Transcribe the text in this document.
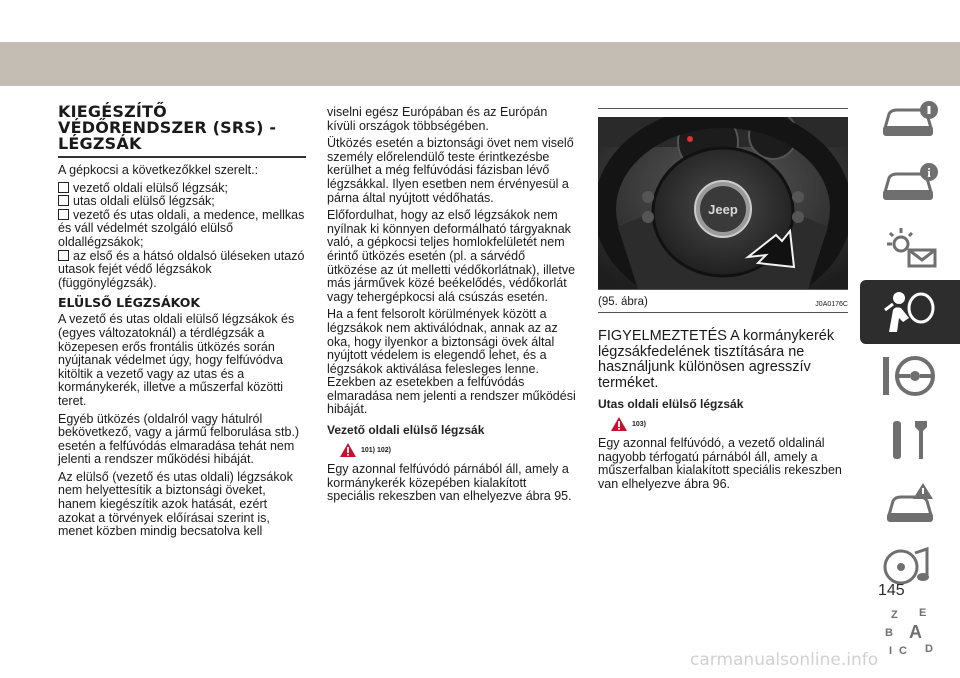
KIEGÉSZÍTŐ VÉDŐRENDSZER (SRS) - LÉGZSÁK

A gépkocsi a következőkkel szerelt.:

vezető oldali elülső légzsák;
utas oldali elülső légzsák;
vezető és utas oldali, a medence, mellkas és váll védelmét szolgáló elülső oldallégzsákok;
az első és a hátsó oldalsó üléseken utazó utasok fejét védő légzsákok (függönylégzsák).
ELÜLSŐ LÉGZSÁKOK

A vezető és utas oldali elülső légzsákok és (egyes változatoknál) a térdlégzsák a közepesen erős frontális ütközés során nyújtanak védelmet úgy, hogy felfúvódva kitöltik a vezető vagy az utas és a kormánykerék, illetve a műszerfal közötti teret.

Egyéb ütközés (oldalról vagy hátulról bekövetkező, vagy a jármű felborulása stb.) esetén a felfúvódás elmaradása tehát nem jelenti a rendszer működési hibáját.

Az elülső (vezető és utas oldali) légzsákok nem helyettesítik a biztonsági öveket, hanem kiegészítik azok hatását, ezért azokat a törvények előírásai szerint is, menet közben mindig becsatolva kell

viselni egész Európában és az Európán kívüli országok többségében.

Ütközés esetén a biztonsági övet nem viselő személy előrelendülő teste érintkezésbe kerülhet a még felfúvódási fázisban lévő légzsákkal. Ilyen esetben nem érvényesül a párna által nyújtott védőhatás.

Előfordulhat, hogy az első légzsákok nem nyílnak ki könnyen deformálható tárgyaknak való, a gépkocsi teljes homlokfelületét nem érintő ütközés esetén (pl. a sárvédő ütközése az út melletti védőkorlátnak), illetve más járművek közé beékelődés, védőkorlát vagy tehergépkocsi alá csúszás esetén.

Ha a fent felsorolt körülmények között a légzsákok nem aktiválódnak, annak az az oka, hogy ilyenkor a biztonsági övek által nyújtott védelem is elegendő lehet, és a légzsákok aktiválása felesleges lenne. Ezekben az esetekben a felfúvódás elmaradása nem jelenti a rendszer működési hibáját.

Vezető oldali elülső légzsák
101) 102)

Egy azonnal felfúvódó párnából áll, amely a kormánykerék közepében kialakított speciális rekeszben van elhelyezve ábra 95.

Jeep
(95. ábra)	J0A0176C

FIGYELMEZTETÉS A kormánykerék légzsákfedelének tisztítására ne használjunk különösen agresszív terméket.

Utas oldali elülső légzsák
103)

Egy azonnal felfúvódó, a vezető oldalinál nagyobb térfogatú párnából áll, amely a műszerfalban kialakított speciális rekeszben van elhelyezve ábra 96.

i
Z E
B A
C D
I
145
carmanualsonline.info
